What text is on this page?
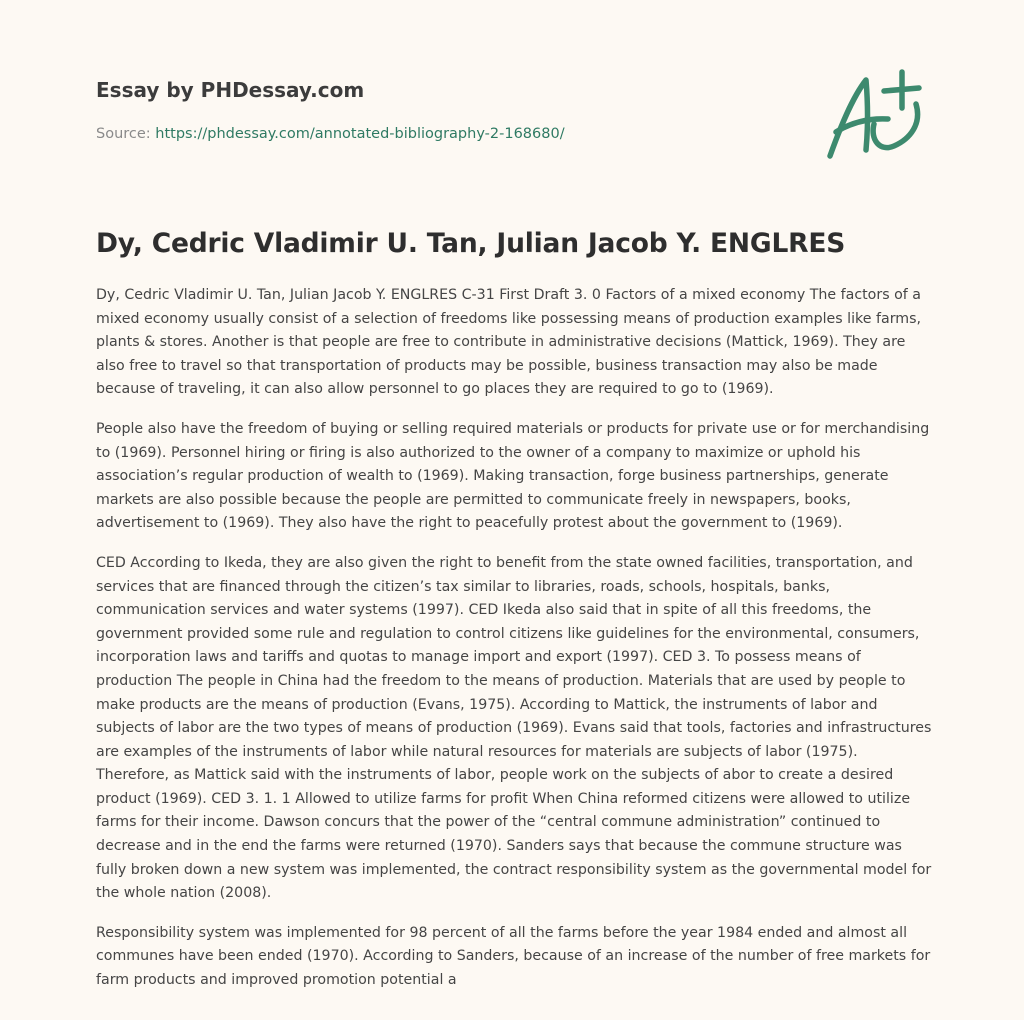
Essay by PHDessay.com
Source: https://phdessay.com/annotated-bibliography-2-168680/
Dy, Cedric Vladimir U. Tan, Julian Jacob Y. ENGLRES

Dy, Cedric Vladimir U. Tan, Julian Jacob Y. ENGLRES C-31 First Draft 3. 0 Factors of a mixed economy The factors of a mixed economy usually consist of a selection of freedoms like possessing means of production examples like farms, plants & stores. Another is that people are free to contribute in administrative decisions (Mattick, 1969). They are also free to travel so that transportation of products may be possible, business transaction may also be made because of traveling, it can also allow personnel to go places they are required to go to (1969).

People also have the freedom of buying or selling required materials or products for private use or for merchandising to (1969). Personnel hiring or firing is also authorized to the owner of a company to maximize or uphold his association’s regular production of wealth to (1969). Making transaction, forge business partnerships, generate markets are also possible because the people are permitted to communicate freely in newspapers, books, advertisement to (1969). They also have the right to peacefully protest about the government to (1969).

CED According to Ikeda, they are also given the right to benefit from the state owned facilities, transportation, and services that are financed through the citizen’s tax similar to libraries, roads, schools, hospitals, banks, communication services and water systems (1997). CED Ikeda also said that in spite of all this freedoms, the government provided some rule and regulation to control citizens like guidelines for the environmental, consumers, incorporation laws and tariffs and quotas to manage import and export (1997). CED 3. To possess means of production The people in China had the freedom to the means of production. Materials that are used by people to make products are the means of production (Evans, 1975). According to Mattick, the instruments of labor and subjects of labor are the two types of means of production (1969). Evans said that tools, factories and infrastructures are examples of the instruments of labor while natural resources for materials are subjects of labor (1975). Therefore, as Mattick said with the instruments of labor, people work on the subjects of abor to create a desired product (1969). CED 3. 1. 1 Allowed to utilize farms for profit When China reformed citizens were allowed to utilize farms for their income. Dawson concurs that the power of the “central commune administration” continued to decrease and in the end the farms were returned (1970). Sanders says that because the commune structure was fully broken down a new system was implemented, the contract responsibility system as the governmental model for the whole nation (2008).

Responsibility system was implemented for 98 percent of all the farms before the year 1984 ended and almost all communes have been ended (1970). According to Sanders, because of an increase of the number of free markets for farm products and improved promotion potential a
